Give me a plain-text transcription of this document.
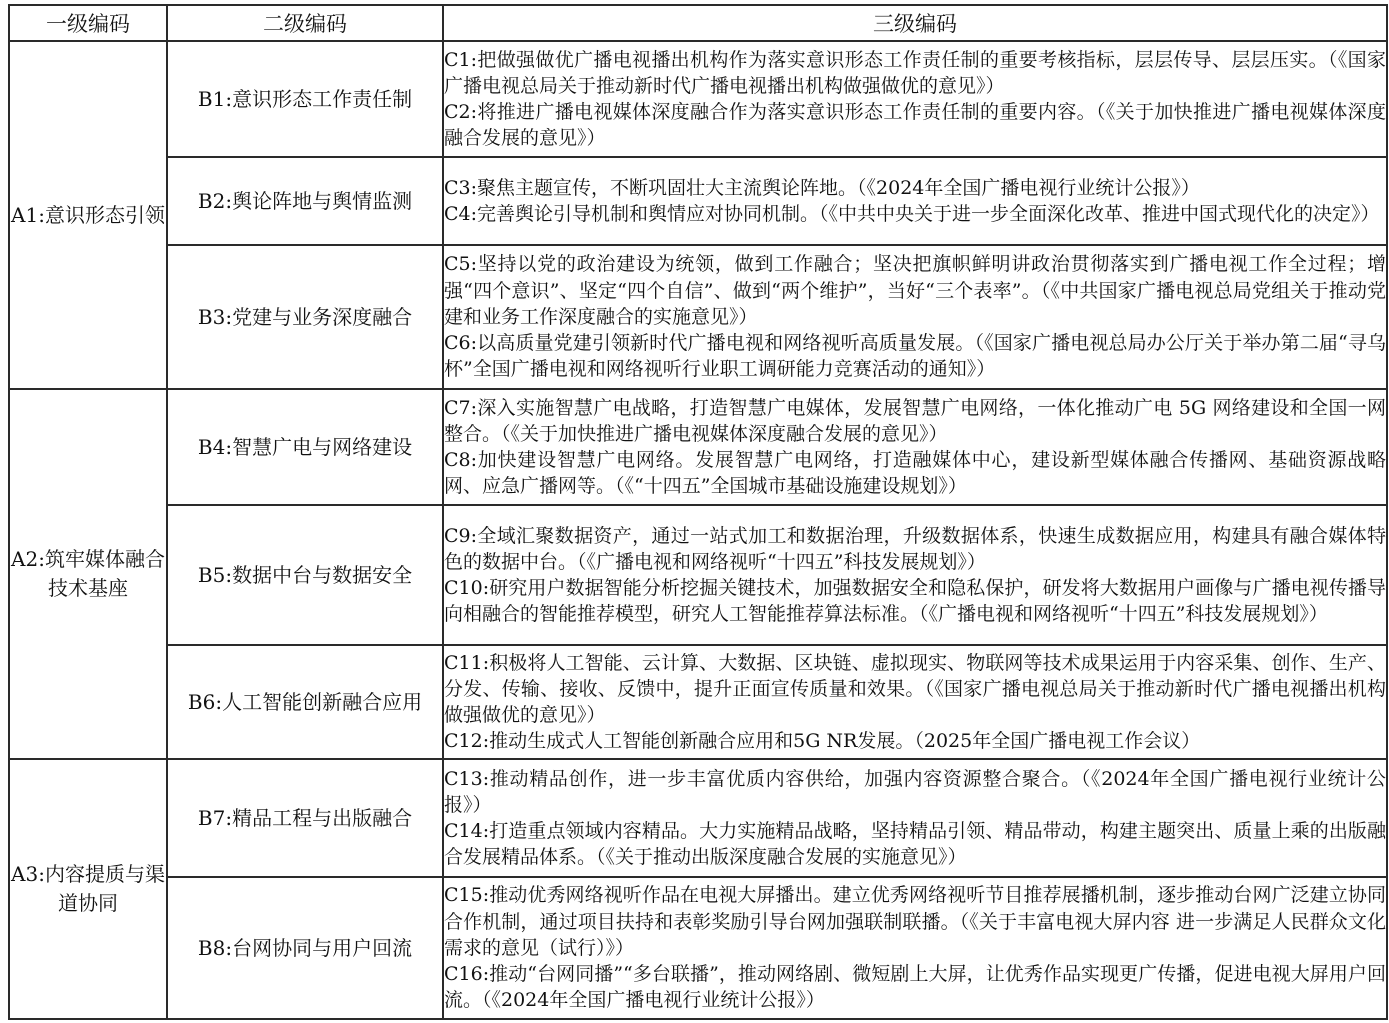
一级编码	二级编码	三级编码
A1:意识形态引领	B1:意识形态工作责任制	C1:把做强做优广播电视播出机构作为落实意识形态工作责任制的重要考核指标，层层传导、层层压实。（《国家广播电视总局关于推动新时代广播电视播出机构做强做优的意见》）
C2:将推进广播电视媒体深度融合作为落实意识形态工作责任制的重要内容。（《关于加快推进广播电视媒体深度融合发展的意见》）

	B2:舆论阵地与舆情监测	C3:聚焦主题宣传，不断巩固壮大主流舆论阵地。（《2024年全国广播电视行业统计公报》）
C4:完善舆论引导机制和舆情应对协同机制。（《中共中央关于进一步全面深化改革、推进中国式现代化的决定》）

	B3:党建与业务深度融合	C5:坚持以党的政治建设为统领，做到工作融合；坚决把旗帜鲜明讲政治贯彻落实到广播电视工作全过程；增强“四个意识”、坚定“四个自信”、做到“两个维护”，当好“三个表率”。（《中共国家广播电视总局党组关于推动党建和业务工作深度融合的实施意见》）
C6:以高质量党建引领新时代广播电视和网络视听高质量发展。（《国家广播电视总局办公厅关于举办第二届“寻乌杯”全国广播电视和网络视听行业职工调研能力竞赛活动的通知》）

A2:筑牢媒体融合技术基座	B4:智慧广电与网络建设	C7:深入实施智慧广电战略，打造智慧广电媒体，发展智慧广电网络，一体化推动广电 5G 网络建设和全国一网整合。（《关于加快推进广播电视媒体深度融合发展的意见》）
C8:加快建设智慧广电网络。发展智慧广电网络，打造融媒体中心，建设新型媒体融合传播网、基础资源战略网、应急广播网等。（《“十四五”全国城市基础设施建设规划》）

	B5:数据中台与数据安全	C9:全域汇聚数据资产，通过一站式加工和数据治理，升级数据体系，快速生成数据应用，构建具有融合媒体特色的数据中台。（《广播电视和网络视听“十四五”科技发展规划》）
C10:研究用户数据智能分析挖掘关键技术，加强数据安全和隐私保护，研发将大数据用户画像与广播电视传播导向相融合的智能推荐模型，研究人工智能推荐算法标准。（《广播电视和网络视听“十四五”科技发展规划》）

	B6:人工智能创新融合应用	C11:积极将人工智能、云计算、大数据、区块链、虚拟现实、物联网等技术成果运用于内容采集、创作、生产、分发、传输、接收、反馈中，提升正面宣传质量和效果。（《国家广播电视总局关于推动新时代广播电视播出机构做强做优的意见》）
C12:推动生成式人工智能创新融合应用和5G NR发展。（2025年全国广播电视工作会议）

A3:内容提质与渠道协同	B7:精品工程与出版融合	C13:推动精品创作，进一步丰富优质内容供给，加强内容资源整合聚合。（《2024年全国广播电视行业统计公报》）
C14:打造重点领域内容精品。大力实施精品战略，坚持精品引领、精品带动，构建主题突出、质量上乘的出版融合发展精品体系。（《关于推动出版深度融合发展的实施意见》）

	B8:台网协同与用户回流	C15:推动优秀网络视听作品在电视大屏播出。建立优秀网络视听节目推荐展播机制，逐步推动台网广泛建立协同合作机制，通过项目扶持和表彰奖励引导台网加强联制联播。（《关于丰富电视大屏内容 进一步满足人民群众文化需求的意见（试行）》）
C16:推动“台网同播”“多台联播”，推动网络剧、微短剧上大屏，让优秀作品实现更广传播，促进电视大屏用户回流。（《2024年全国广播电视行业统计公报》）
